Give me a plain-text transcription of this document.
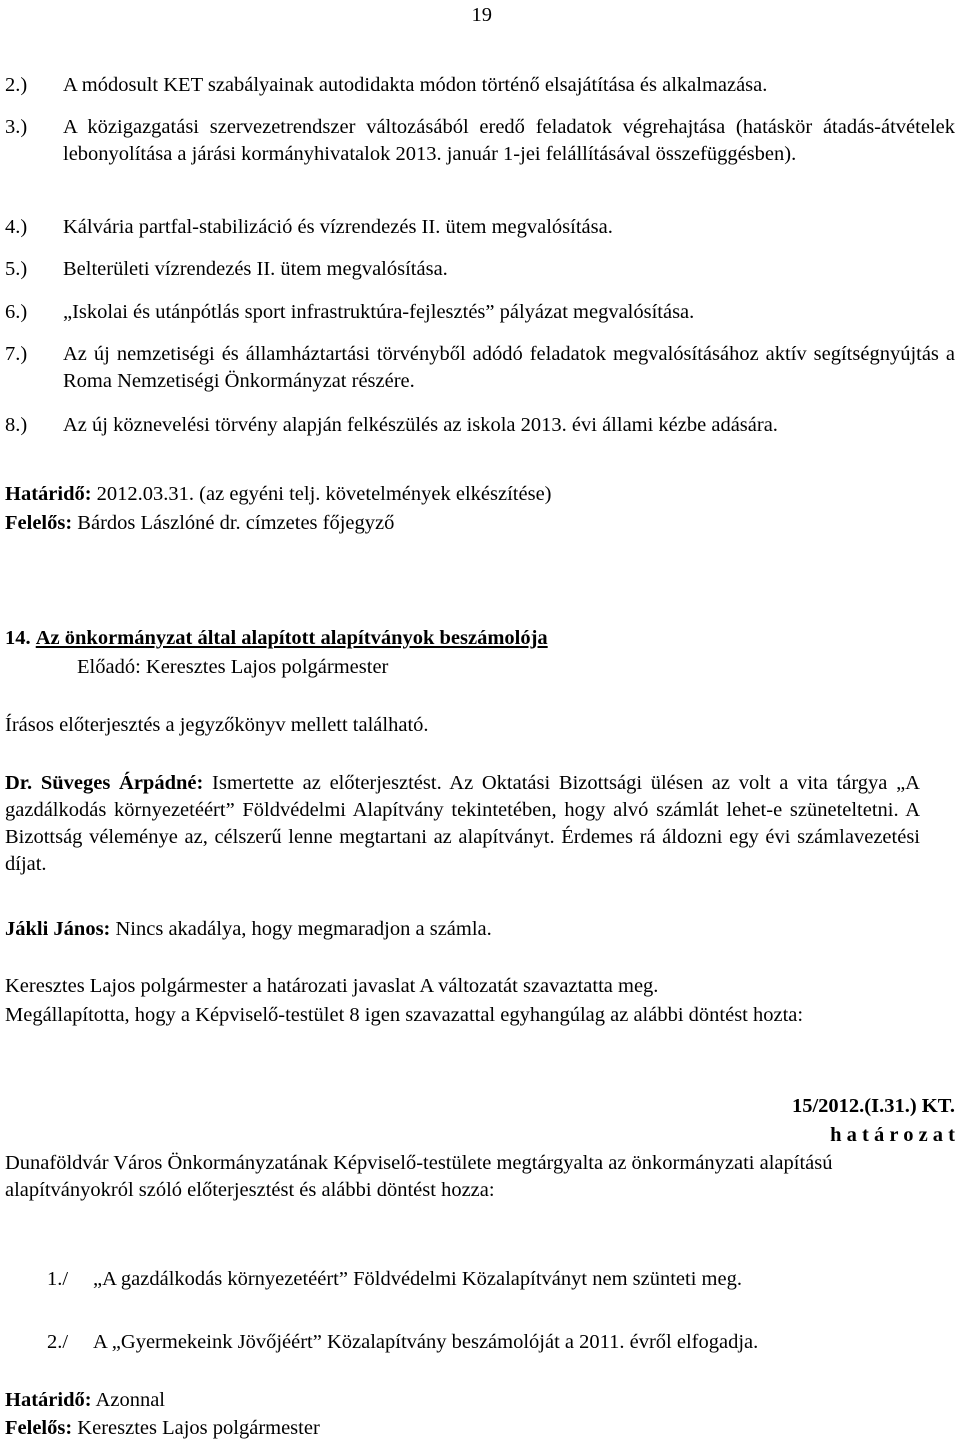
19
2.)	A módosult KET szabályainak autodidakta módon történő elsajátítása és alkalmazása.
3.)	A közigazgatási szervezetrendszer változásából eredő feladatok végrehajtása (hatáskör átadás-átvételek lebonyolítása a járási kormányhivatalok 2013. január 1-jei felállításával összefüggésben).
4.)	Kálvária partfal-stabilizáció és vízrendezés II. ütem megvalósítása.
5.)	Belterületi vízrendezés II. ütem megvalósítása.
6.)	„Iskolai és utánpótlás sport infrastruktúra-fejlesztés” pályázat megvalósítása.
7.)	Az új nemzetiségi és államháztartási törvényből adódó feladatok megvalósításához aktív segítségnyújtás a Roma Nemzetiségi Önkormányzat részére.
8.)	Az új köznevelési törvény alapján felkészülés az iskola 2013. évi állami kézbe adására.
Határidő: 2012.03.31. (az egyéni telj. követelmények elkészítése)
Felelős: Bárdos Lászlóné dr. címzetes főjegyző
14. Az önkormányzat által alapított alapítványok beszámolója
Előadó: Keresztes Lajos polgármester
Írásos előterjesztés a jegyzőkönyv mellett található.
Dr. Süveges Árpádné: Ismertette az előterjesztést. Az Oktatási Bizottsági ülésen az volt a vita tárgya „A gazdálkodás környezetéért” Földvédelmi Alapítvány tekintetében, hogy alvó számlát lehet-e szüneteltetni. A Bizottság véleménye az, célszerű lenne megtartani az alapítványt. Érdemes rá áldozni egy évi számlavezetési díjat.
Jákli János: Nincs akadálya, hogy megmaradjon a számla.
Keresztes Lajos polgármester a határozati javaslat A változatát szavaztatta meg.
Megállapította, hogy a Képviselő-testület 8 igen szavazattal egyhangúlag az alábbi döntést hozta:
15/2012.(I.31.) KT.
h a t á r o z a t
Dunaföldvár Város Önkormányzatának Képviselő-testülete megtárgyalta az önkormányzati alapítású alapítványokról szóló előterjesztést és alábbi döntést hozza:
1./ „A gazdálkodás környezetéért” Földvédelmi Közalapítványt nem szünteti meg.
2./ A „Gyermekeink Jövőjéért” Közalapítvány beszámolóját a 2011. évről elfogadja.
Határidő: Azonnal
Felelős: Keresztes Lajos polgármester
